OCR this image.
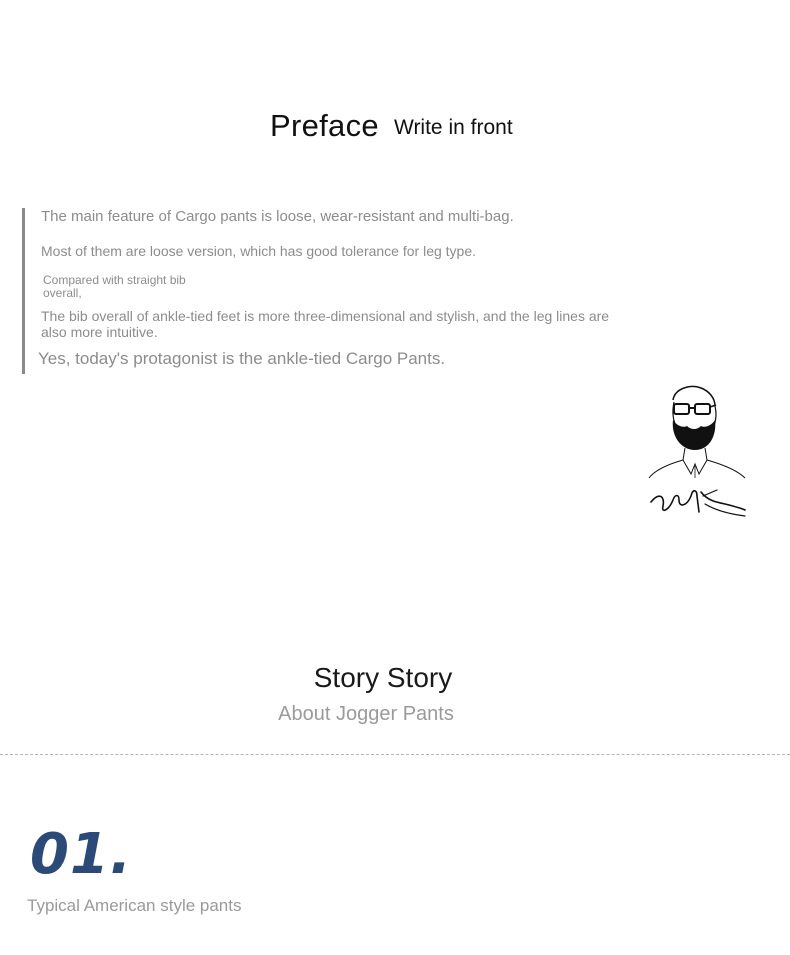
Preface Write in front
The main feature of Cargo pants is loose, wear-resistant and multi-bag.
Most of them are loose version, which has good tolerance for leg type.
Compared with straight bib overall,
The bib overall of ankle-tied feet is more three-dimensional and stylish, and the leg lines are also more intuitive.
Yes, today's protagonist is the ankle-tied Cargo Pants.
Story Story
About Jogger Pants
01.
Typical American style pants
